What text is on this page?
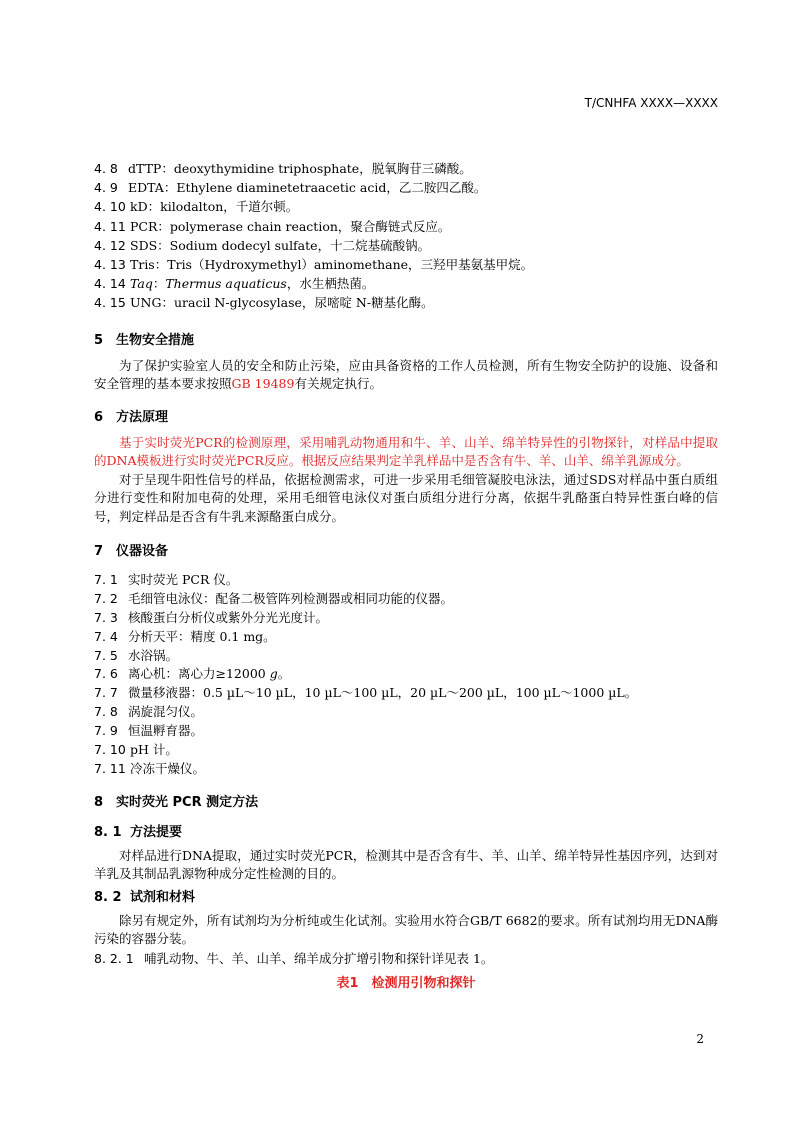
T/CNHFA XXXX—XXXX
4. 8 dTTP：deoxythymidine triphosphate，脱氧胸苷三磷酸。
4. 9 EDTA：Ethylene diaminetetraacetic acid，乙二胺四乙酸。
4. 10 kD：kilodalton，千道尔顿。
4. 11 PCR：polymerase chain reaction，聚合酶链式反应。
4. 12 SDS：Sodium dodecyl sulfate，十二烷基硫酸钠。
4. 13 Tris：Tris（Hydroxymethyl）aminomethane，三羟甲基氨基甲烷。
4. 14 Taq：Thermus aquaticus，水生栖热菌。
4. 15 UNG：uracil N-glycosylase，尿嘧啶 N-糖基化酶。
5 生物安全措施

为了保护实验室人员的安全和防止污染，应由具备资格的工作人员检测，所有生物安全防护的设施、设备和安全管理的基本要求按照GB 19489有关规定执行。

6 方法原理

基于实时荧光PCR的检测原理，采用哺乳动物通用和牛、羊、山羊、绵羊特异性的引物探针，对样品中提取的DNA模板进行实时荧光PCR反应。根据反应结果判定羊乳样品中是否含有牛、羊、山羊、绵羊乳源成分。

对于呈现牛阳性信号的样品，依据检测需求，可进一步采用毛细管凝胶电泳法，通过SDS对样品中蛋白质组分进行变性和附加电荷的处理，采用毛细管电泳仪对蛋白质组分进行分离，依据牛乳酪蛋白特异性蛋白峰的信号，判定样品是否含有牛乳来源酪蛋白成分。

7 仪器设备
7. 1 实时荧光 PCR 仪。
7. 2 毛细管电泳仪：配备二极管阵列检测器或相同功能的仪器。
7. 3 核酸蛋白分析仪或紫外分光光度计。
7. 4 分析天平：精度 0.1 mg。
7. 5 水浴锅。
7. 6 离心机：离心力≥12000 g。
7. 7 微量移液器：0.5 µL～10 µL，10 µL～100 µL，20 µL～200 µL，100 µL～1000 µL。
7. 8 涡旋混匀仪。
7. 9 恒温孵育器。
7. 10 pH 计。
7. 11 冷冻干燥仪。
8 实时荧光 PCR 测定方法
8. 1 方法提要

对样品进行DNA提取，通过实时荧光PCR，检测其中是否含有牛、羊、山羊、绵羊特异性基因序列，达到对羊乳及其制品乳源物种成分定性检测的目的。

8. 2 试剂和材料

除另有规定外，所有试剂均为分析纯或生化试剂。实验用水符合GB/T 6682的要求。所有试剂均用无DNA酶污染的容器分装。

8. 2. 1 哺乳动物、牛、羊、山羊、绵羊成分扩增引物和探针详见表 1。
表1　检测用引物和探针
2
